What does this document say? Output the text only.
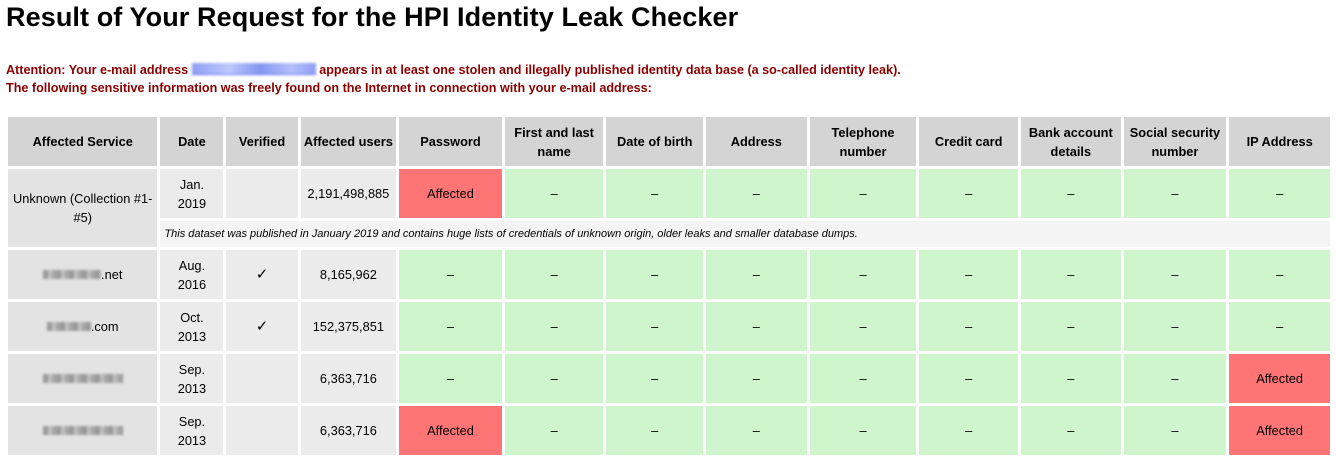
Result of Your Request for the HPI Identity Leak Checker
Attention: Your e-mail address	appears in at least one stolen and illegally published identity data base (a so-called identity leak).
The following sensitive information was freely found on the Internet in connection with your e-mail address:
Affected Service	Date	Verified	Affected users	Password	First and last name	Date of birth	Address	Telephone number	Credit card	Bank account details	Social security number	IP Address
Unknown (Collection #1-#5)	Jan. 2019		2,191,498,885	Affected	–	–	–	–	–	–	–	–
	This dataset was published in January 2019 and contains huge lists of credentials of unknown origin, older leaks and smaller database dumps.											
.net	Aug. 2016	✓	8,165,962	–	–	–	–	–	–	–	–	–
.com	Oct. 2013	✓	152,375,851	–	–	–	–	–	–	–	–	–
	Sep. 2013		6,363,716	–	–	–	–	–	–	–	–	Affected
	Sep. 2013		6,363,716	Affected	–	–	–	–	–	–	–	Affected
